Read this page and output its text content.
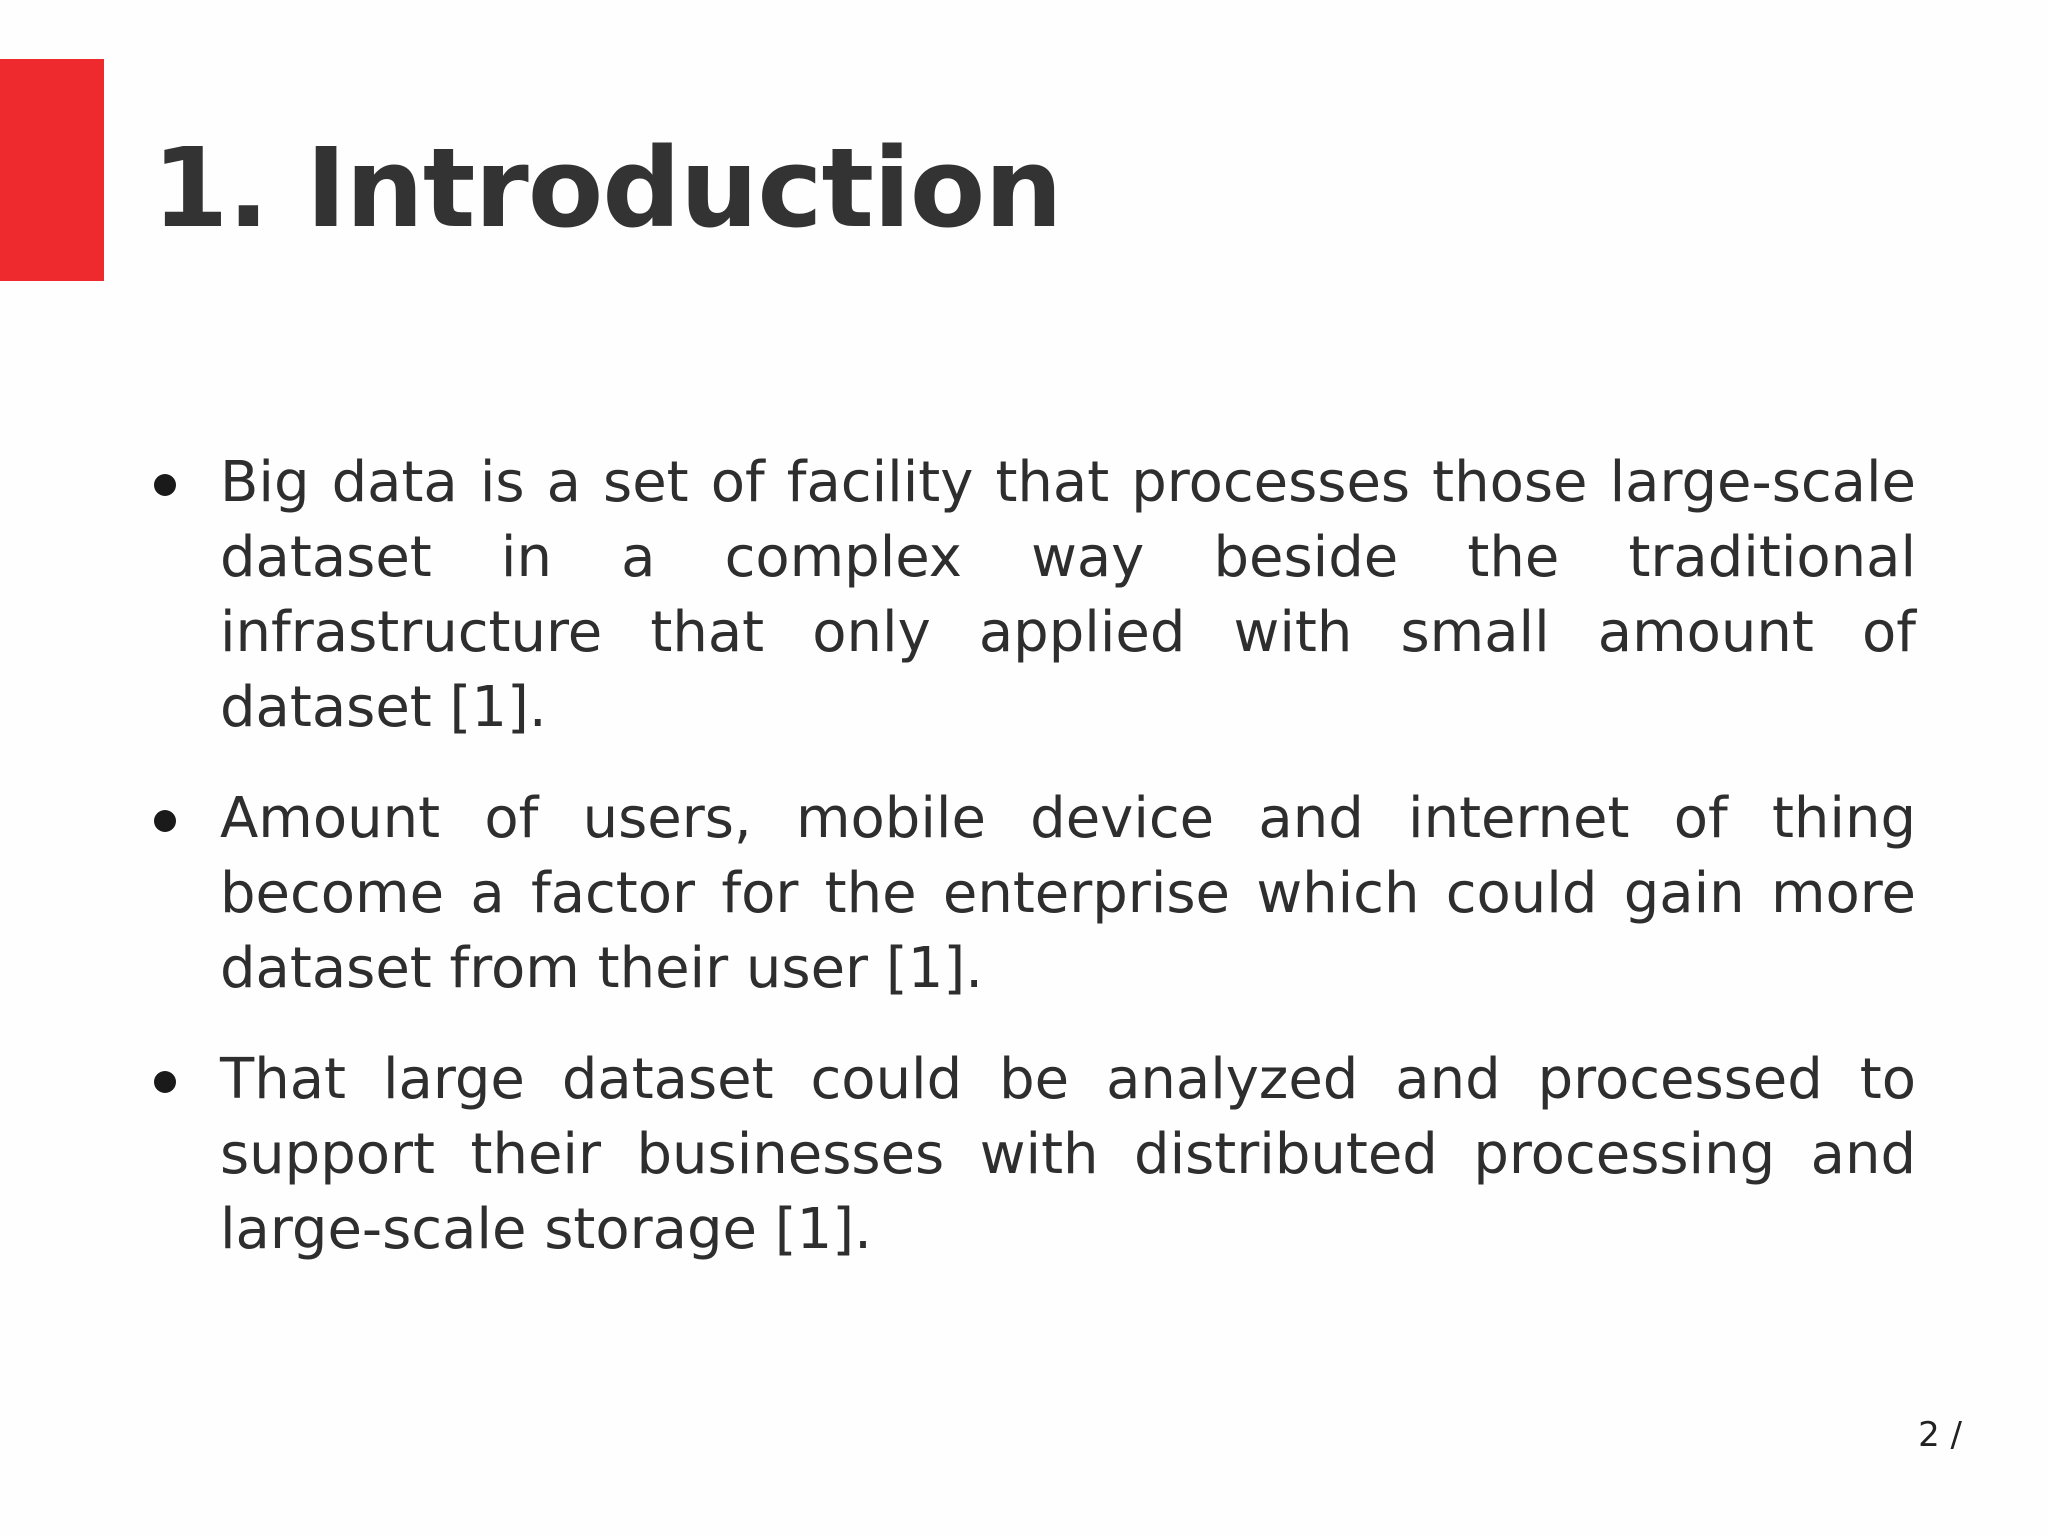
1. Introduction
Big data is a set of facility that processes those large-scale dataset in a complex way beside the traditional infrastructure that only applied with small amount of dataset [1].
Amount of users, mobile device and internet of thing become a factor for the enterprise which could gain more dataset from their user [1].
That large dataset could be analyzed and processed to support their businesses with distributed processing and large-scale storage [1].
2 /
